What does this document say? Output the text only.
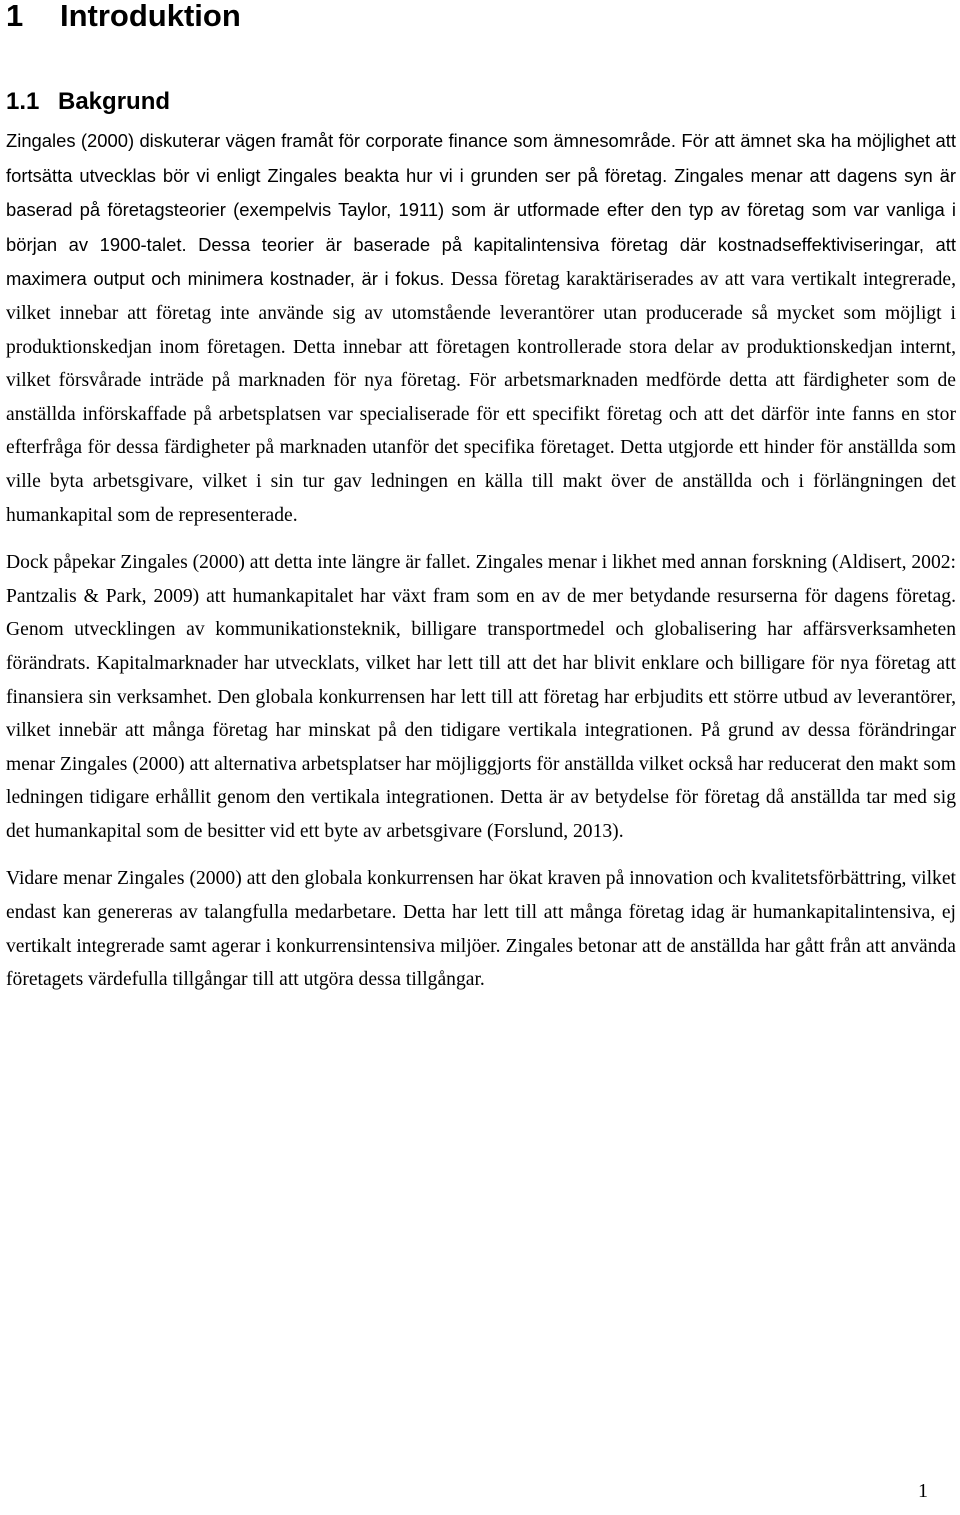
1 Introduktion
1.1 Bakgrund

Zingales (2000) diskuterar vägen framåt för corporate finance som ämnesområde. För att ämnet ska ha möjlighet att fortsätta utvecklas bör vi enligt Zingales beakta hur vi i grunden ser på företag. Zingales menar att dagens syn är baserad på företagsteorier (exempelvis Taylor, 1911) som är utformade efter den typ av företag som var vanliga i början av 1900-talet. Dessa teorier är baserade på kapitalintensiva företag där kostnadseffektiviseringar, att maximera output och minimera kostnader, är i fokus. Dessa företag karaktäriserades av att vara vertikalt integrerade, vilket innebar att företag inte använde sig av utomstående leverantörer utan producerade så mycket som möjligt i produktionskedjan inom företagen. Detta innebar att företagen kontrollerade stora delar av produktionskedjan internt, vilket försvårade inträde på marknaden för nya företag. För arbetsmarknaden medförde detta att färdigheter som de anställda införskaffade på arbetsplatsen var specialiserade för ett specifikt företag och att det därför inte fanns en stor efterfråga för dessa färdigheter på marknaden utanför det specifika företaget. Detta utgjorde ett hinder för anställda som ville byta arbetsgivare, vilket i sin tur gav ledningen en källa till makt över de anställda och i förlängningen det humankapital som de representerade.

Dock påpekar Zingales (2000) att detta inte längre är fallet. Zingales menar i likhet med annan forskning (Aldisert, 2002: Pantzalis & Park, 2009) att humankapitalet har växt fram som en av de mer betydande resurserna för dagens företag. Genom utvecklingen av kommunikationsteknik, billigare transportmedel och globalisering har affärsverksamheten förändrats. Kapitalmarknader har utvecklats, vilket har lett till att det har blivit enklare och billigare för nya företag att finansiera sin verksamhet. Den globala konkurrensen har lett till att företag har erbjudits ett större utbud av leverantörer, vilket innebär att många företag har minskat på den tidigare vertikala integrationen. På grund av dessa förändringar menar Zingales (2000) att alternativa arbetsplatser har möjliggjorts för anställda vilket också har reducerat den makt som ledningen tidigare erhållit genom den vertikala integrationen. Detta är av betydelse för företag då anställda tar med sig det humankapital som de besitter vid ett byte av arbetsgivare (Forslund, 2013).

Vidare menar Zingales (2000) att den globala konkurrensen har ökat kraven på innovation och kvalitetsförbättring, vilket endast kan genereras av talangfulla medarbetare. Detta har lett till att många företag idag är humankapitalintensiva, ej vertikalt integrerade samt agerar i konkurrensintensiva miljöer. Zingales betonar att de anställda har gått från att använda företagets värdefulla tillgångar till att utgöra dessa tillgångar.

1
